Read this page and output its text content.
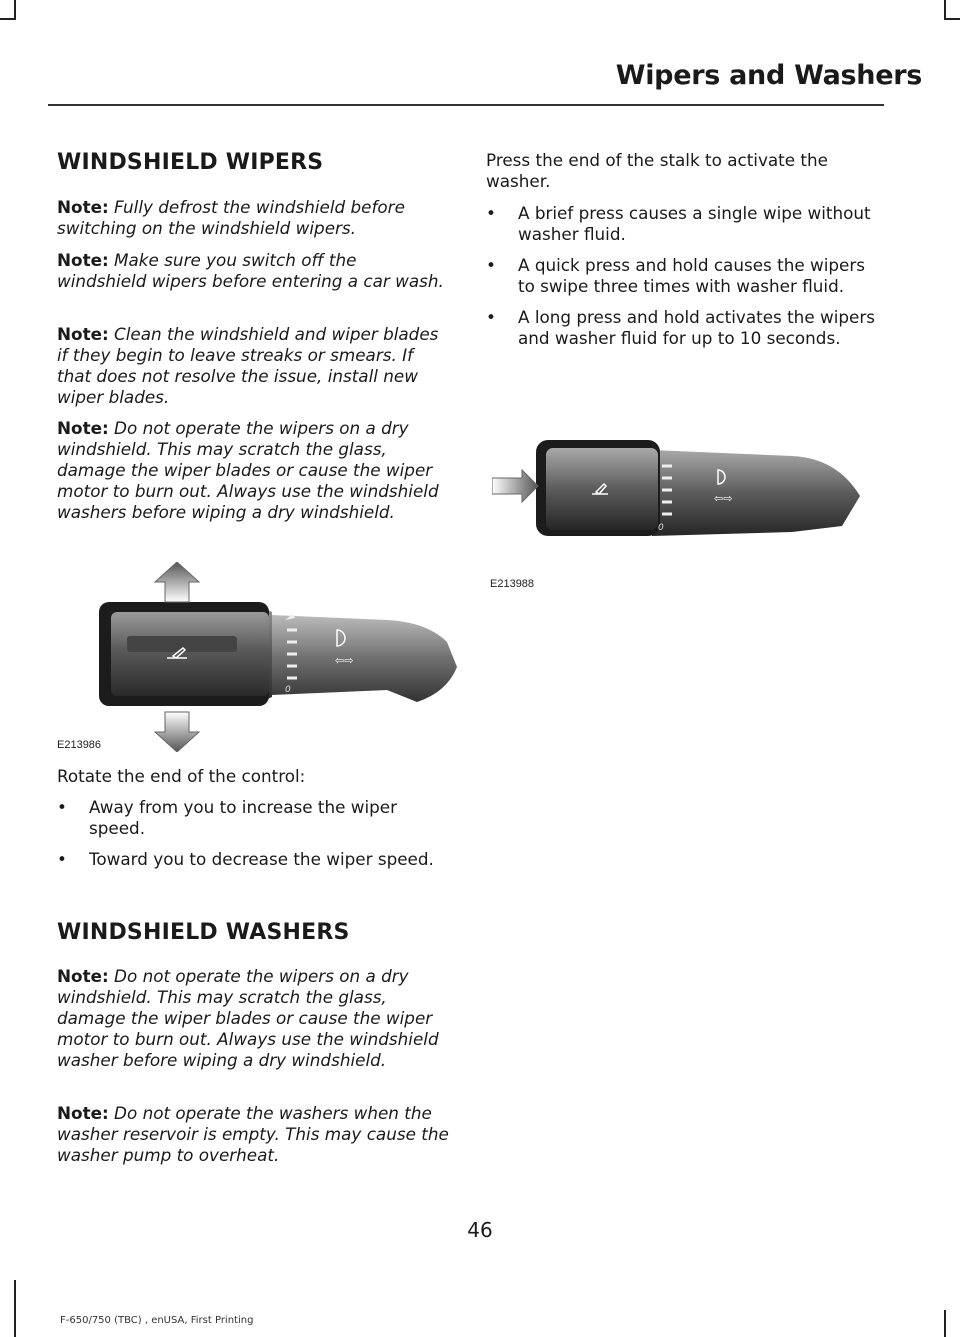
Wipers and Washers
WINDSHIELD WIPERS

Note: Fully defrost the windshield before switching on the windshield wipers.

Note: Make sure you switch off the windshield wipers before entering a car wash.

Note: Clean the windshield and wiper blades if they begin to leave streaks or smears. If that does not resolve the issue, install new wiper blades.

Note: Do not operate the wipers on a dry windshield. This may scratch the glass, damage the wiper blades or cause the wiper motor to burn out. Always use the windshield washers before wiping a dry windshield.

⇦⇨
0
E213986

Rotate the end of the control:

• Away from you to increase the wiper speed.
• Toward you to decrease the wiper speed.
WINDSHIELD WASHERS

Note: Do not operate the wipers on a dry windshield. This may scratch the glass, damage the wiper blades or cause the wiper motor to burn out. Always use the windshield washer before wiping a dry windshield.

Note: Do not operate the washers when the washer reservoir is empty. This may cause the washer pump to overheat.

Press the end of the stalk to activate the washer.

• A brief press causes a single wipe without washer fluid.
• A quick press and hold causes the wipers to swipe three times with washer fluid.
• A long press and hold activates the wipers and washer fluid for up to 10 seconds.
⇦⇨
0
E213988
46
F-650/750 (TBC) , enUSA, First Printing
